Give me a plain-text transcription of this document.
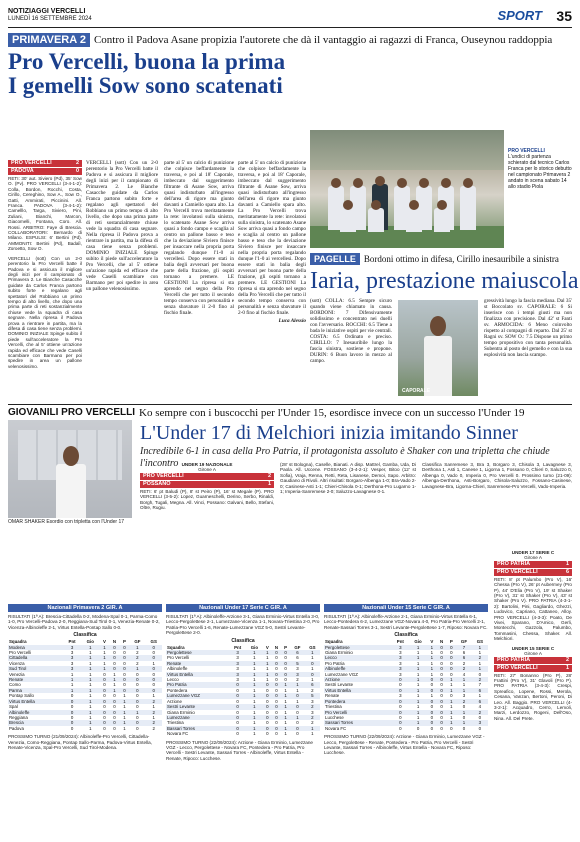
NOTIZIAGGI VERCELLI
LUNEDÌ 16 SETTEMBRE 2024	SPORT 35
PRIMAVERA 2 Contro il Padova Asane propizia l'autorete che dà il vantaggio ai ragazzi di Franca, Ouseynou raddoppia
Pro Vercelli, buona la prima
I gemelli Sow sono scatenati
PRO VERCELLI	2
PADOVA	0
RETI: 30' aut. Siviero (Pd), 35' Sow O. (Pv). PRO VERCELLI (3-4-1-2): Colla, Bordon, Rocchi, Costa, Cirillo, Cereghino, Sow A., Sow O., Gatti, Ammirati, Piccinini. All. Franca. PADOVA (3-4-1-2): Camelllo, Targa, Siviero, Pini, Zuliani, Bianchi, Marcon, Giacomelli, Fontana, Coro. All. Rossi. ARBITRO: Faye di Brescia. COLLABORATORI: Bernardo di Milano. ESPULSI: 6' Bertini (Pd). AMMONITI: Bertini (Pd), Badalì, Zoroetto, Sow O.
VERCELLI (sott) Con un 2-0 perentorio la Pro Vercelli batte il Padova e si assicura il migliore degli inizi per il campionato di Primavera 2. Le Bianche Casacche guidate da Carlos Franca partono subito forte e regalano agli spettatori del Robbiano un primo tempo di alto livello, che dopo una prima parte di reti sostanzialmente chiuse vede la squadra di casa segnare. Nella ripresa il Padova prova a rientrare in partita, ma la difesa di casa tiene senza problemi. DOMINIO INIZIALE Spinge subito il piede sull'acceleratore la Pro Vercelli, che al 5' ottiene un'azione rapida ed efficace che vede Caselli scambiare con Barmano per poi spedire in area un pallone velenosissimo.
VERCELLI (sott) Con un 2-0 perentorio la Pro Vercelli batte il Padova e si assicura il migliore degli inizi per il campionato di Primavera 2. Le Bianche Casacche guidate da Carlos Franca partono subito forte e regalano agli spettatori del Robbiano un primo tempo di alto livello, che dopo una prima parte di reti sostanzialmente chiuse vede la squadra di casa segnare. Nella ripresa il Padova prova a rientrare in partita, ma la difesa di casa tiene senza problemi. DOMINIO INIZIALE Spinge subito il piede sull'acceleratore la Pro Vercelli, che al 5' ottiene un'azione rapida ed efficace che vede Caselli scambiare con Barmano per poi spedire in area un pallone velenosissimo.
parte al 5' un calcio di punizione che colpisce beffardamente la traversa, e poi al 18' Caporale, imbeccato dal suggerimento filtrante di Asane Sow, arriva quasi indisturbato all'ingresso dell'area di rigore ma giunto davanti a Camiello spara alto. La Pro Vercelli trova meritatamente la rete: involatosi sulla sinistra, lo scatenato Asane Sow arriva quasi a fondo campo e scaglia al centro un pallone basso e teso che la deviazione Siviero finisce per insaccare nella propria porta regalando dunque l'1-0 ai vercellesi. Dopo essere stati in balia degli avversari per buona parte della frazione, gli ospiti tornano a premere. LE GESTIONI La ripresa si sta aprendo nel segno della Pro Vercelli che per tutto il secondo tempo conserva con personalità e senza sbavature il 2-0 fino al fischio finale.
parte al 5' un calcio di punizione che colpisce beffardamente la traversa, e poi al 18' Caporale, imbeccato dal suggerimento filtrante di Asane Sow, arriva quasi indisturbato all'ingresso dell'area di rigore ma giunto davanti a Camiello spara alto. La Pro Vercelli trova meritatamente la rete: involatosi sulla sinistra, lo scatenato Asane Sow arriva quasi a fondo campo e scaglia al centro un pallone basso e teso che la deviazione Siviero finisce per insaccare nella propria porta regalando dunque l'1-0 ai vercellesi. Dopo essere stati in balia degli avversari per buona parte della frazione, gli ospiti tornano a premere. LE GESTIONI La ripresa si sta aprendo nel segno della Pro Vercelli che per tutto il secondo tempo conserva con personalità e senza sbavature il 2-0 fino al fischio finale.
Luca Alessio
PRO VERCELLI
L'undici di partenza schierato dal tecnico Carlos Franca per lo storico debutto nel campionato Primavera 2 andato in scena sabato 14 allo stadio Piola
PAGELLE Bordoni ottimo in difesa, Cirillo inesauribile a sinistra
Iaria, prestazione maiuscola
(sott) COLLA: 6.5 Sempre sicuro quando viene chiamato in causa. BORDONI: 7 Difensivamente solidissimo e concentrato nei duelli con l'avversario. ROCCHI: 6.5 Tiene a bada le iniziative ospiti per vie centrali. COSTA: 6.5 Ordinato e preciso. CIRILLO: 7 Inesauribile lungo la fascia sinistra, sostiene e propone. DURIN: 6 Buon lavoro in mezzo al campo.
CAPORALE
gressività lungo la fascia mediana. Dal 35' st Boccolato sv. CAPORALE: 6 Si inserisce con i tempi giusti ma non finalizza con precisione. Dal 42' st Fanti sv. ARMOCIDA: 6 Meno coinvolto rispetto al compagni di reparto. Dal 25' st Ragni sv. SOW O.: 7.5 Dispone un primo tempo propositivo con tanta personalità. Subentra al posto del gemello e con la sua esplosività non lascia scampo.
GIOVANILI PRO VERCELLI Ko sempre con i buscocchi per l'Under 15, esordisce invece con un successo l'Under 19
OMAR SHAKER Esordio con tripletta con l'Under 17
L'Under 17 di Melchiori inizia imitando Sinner
Incredibile 6-1 in casa della Pro Patria, il protagonista assoluto è Shaker con una tripletta che chiude l'incontro UNDER 19 NAZIONALE
Girone A
PRO VERCELLI	2
POSSANO	1
RETI: 6' pt Baludi (P), 8' st Peiro (P), 16' st Megale (P). PRO VERCELLI (3-5-2): Lopez, Guarneschelli, Derino, Serbo, Rinaldi, Borgh, Tugali, Megna. All. Vinci, Possano: Galvani, Bello, Stefani, Oltre, Rugiu.
(28' st Bologna), Caselle, Bianati. A disp. Mattrel, Gamba, Uda, Di Paola. All. Uccene. FOSSANO (3-4-2-1): Vesper, Bitoo (12' st Sofia), Vraja, Renna, Retti, Reta, Lisanese, Demoi, Sapo. Arbitro: Gaudiano di Rivoli. Altri risultati: Borgaro-Albenga 1-0; Bra-Vado 2-0; Casinese-Asti 1-1; Chieri-Chisola 0-1; Derthona-Pro Lugarno 1-1; Imperia-Sanremese 2-0; Saluzzo-Lavagnese 0-1.
Classifica Sanremese 3, Bra 3, Borgaro 3, Chisola 3, Lavagnese 3, Derthona 1, Asti 1, Canese 1, Ligorna 1, Fossano 0, Chieri 0, Saluzzo 0, Albenga 0, Vado 0, Imperia 0, Pro Vercelli 0. Prossimo turno (21-09): Albenga-Derthona, Asti-Borgaro, Chisola-Saluzzo, Fossano-Casinese, Lavagnese-Bra, Ligorna-Chieri, Sanremese-Pro Vercelli, Vado-Imperia.
UNDER 17 SERIE C
Girone A
PRO PATRIA	1
PRO VERCELLI	6
RETI: 8' pt Palumbo (Pro V), 16' Chessa (Pro V), 26' pt Aubermey (Pro P), 44' D'Elia (Pro V), 19' st Shaker (Pro V), 31' st Shaker (Pro V), 43' st Shaker (Pro V). PRO PATRIA (4-3-1-2): Bartolini, Pini, Gagliardo, Ghezzi, Ludovico, Capriano, Cattaneo, Alloy. PRO VERCELLI (4-3-3): Poato, De Vivei, Sparano, D'Amico, Gerli, Montecchi, Gazzola, Palumbo, Tommasini, Chessa, Shaker. All. Melchiori.
UNDER 15 SERIE C
Girone A
PRO PATRIA	2
PRO VERCELLI	1
RETI: 27' Bonanno (Pro P), 28' Frattini (Pro V), 31' Glavoli (Pro P). PRO PATRIA (3-4-3): Crespi, Spreafico, Lopene, Rossi, Merola, Cesana, Vanzan, Bertoni, Peroni, Di Leo. All. Baggio. PRO VERCELLI (4-3-2-1): Acquadro, Cerro, Lemoli, Marzi, Lerdozzo, Rogeni, Dell'Oso, Nina. All. Del Prete.
Nazionali Primavera 2 GIR. A
RISULTATI (1ª A): Brescia-Cittadella 0-2, Modena-Spal 0-1, Parma-Como 1-0, Pro Vercelli-Padova 2-0, Reggiana-Sud Tirol 0-1, Venezia-Renate 0-2, Vicenza-Albinoleffe 2-1, Virtus Entella-Pontap Sallo 0-0.
Classifica
Squadra	Pnt	Gio	V	N	P	GF	GS
Modena	3	1	1	0	0	1	0
Pro Vercelli	3	1	1	0	0	2	0
Cittadella	3	1	1	0	0	2	0
Vicenza	3	1	1	0	0	2	1
Sud Tirol	3	1	1	0	0	1	0
Venezia	1	1	0	1	0	0	0
Renate	1	1	0	1	0	0	0
Como	1	1	0	1	0	0	0
Parma	1	1	0	1	0	0	0
Pontap Sallo	0	1	0	0	1	0	1
Virtus Entella	0	1	0	0	1	0	2
Spal	0	1	0	0	1	0	1
Albinoleffe	0	1	0	0	1	1	2
Reggiana	0	1	0	0	1	0	1
Brescia	0	1	0	0	1	0	2
Padova	0	1	0	0	1	0	2
PROSSIMO TURNO (21/09/2024): Albinoleffe-Pro Vercelli, Cittadella-Venezia, Como-Reggiana, Pontap Sallo-Parma, Padova-Virtus Entella, Renate-Vicenza, Spal-Pro Vercelli, Sud Tirol-Modena.
Nazionali Under 17 Serie C GIR. A
RISULTATI (1ª A): Albinoleffe-Arzione 3-1, Giana Erminio-Virtus Entella 3-0, Lecco-Pergolettese 2-1, Lumezzane-Vicenza 1-1, Novara-Triestina 2-0, Pro Patria-Pro Vercelli 1-6, Renate-Lumezzane VGZ 5-0, Sestri Levante-Pergolettese 2-0.
Classifica
Squadra	Pnt	Gio	V	N	P	GF	GS
Pergolettese	3	1	1	0	0	6	1
Pro Vercelli	3	1	1	0	0	6	1
Renate	3	1	1	0	0	5	0
Albinoleffe	3	1	1	0	0	3	1
Virtus Entella	3	1	1	0	0	3	0
Lecco	3	1	1	0	0	2	1
Pro Patria	0	1	0	0	1	1	6
Pontedera	0	1	0	0	1	1	2
Lumezzane VGZ	0	1	0	0	1	0	5
Arzione	0	1	0	0	1	1	3
Sestri Levante	0	1	0	0	1	0	2
Giana Erminio	0	1	0	0	1	0	3
Lumezzane	0	1	0	0	1	1	2
Triestina	0	1	0	0	1	0	2
Bassari Torres	0	1	0	0	1	0	1
Novara FC	0	1	0	0	1	0	1
PROSSIMO TURNO (22/09/2024): Arzione - Giana Erminio, Lumezzane VGZ - Lecco, Pergolettese - Novara FC, Pontedera - Pro Patria, Pro Vercelli - Sestri Levante, Sassari Torres - Albinoleffe, Virtus Entella - Renate, Ripoco: Lucchese.
Nazionali Under 15 Serie C GIR. A
RISULTATI (1ª A): Albinoleffe-Arzione 2-1, Giana Erminio-Virtus Entella 6-1, Lecco-Pontedera 6-2, Lumezzane VGZ-Novara 4-0, Pro Patria-Pro Vercelli 2-1, Renate-Sassari Torres 3-1, Sestri Levante-Pergolettese 1-7, Riposo: Novara FC.
Classifica
Squadra	Pnt	Gio	V	N	P	GF	GS
Pergolettese	3	1	1	0	0	7	1
Giana Erminio	3	1	1	0	0	6	1
Lecco	3	1	1	0	0	6	2
Pro Patria	3	1	1	0	0	2	1
Albinoleffe	3	1	1	0	0	2	1
Lumezzane VGZ	3	1	1	0	0	4	0
Arzione	0	1	0	0	1	1	2
Sestri Levante	0	1	0	0	1	1	7
Virtus Entella	0	1	0	0	1	1	6
Renate	3	1	1	0	0	3	1
Pontedera	0	1	0	0	1	2	6
Triestina	0	1	0	0	1	0	4
Pro Vercelli	0	1	0	0	1	1	2
Lucchese	0	1	0	0	1	0	0
Sassari Torres	0	1	0	0	1	1	3
Novara FC	0	0	0	0	0	0	0
PROSSIMO TURNO (22/09/2024): Arzione - Giana Erminio, Lumezzane VGZ - Lecco, Pergolettese - Renate, Pontedera - Pro Patria, Pro Vercelli - Sestri Levante, Sassari Torres - Albinoleffe, Virtus Entella - Novara FC, Riposo: Lucchese.
